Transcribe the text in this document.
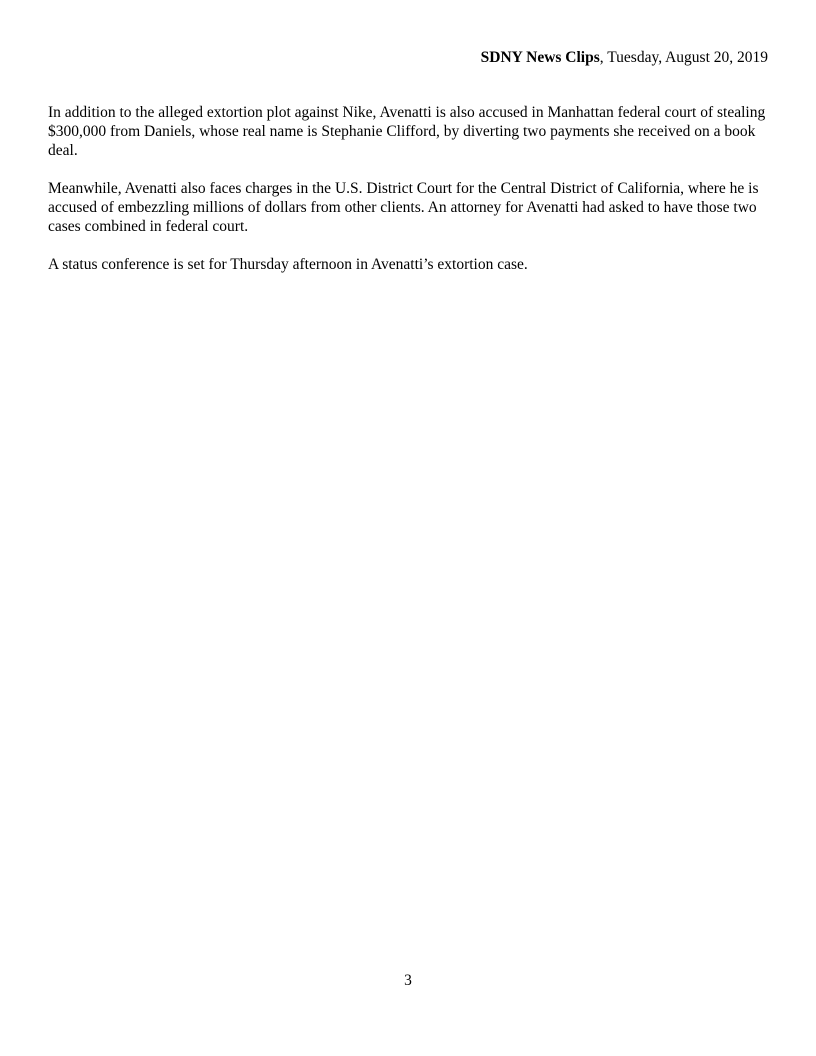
SDNY News Clips, Tuesday, August 20, 2019

In addition to the alleged extortion plot against Nike, Avenatti is also accused in Manhattan federal court of stealing $300,000 from Daniels, whose real name is Stephanie Clifford, by diverting two payments she received on a book deal.

Meanwhile, Avenatti also faces charges in the U.S. District Court for the Central District of California, where he is accused of embezzling millions of dollars from other clients. An attorney for Avenatti had asked to have those two cases combined in federal court.

A status conference is set for Thursday afternoon in Avenatti’s extortion case.

3
